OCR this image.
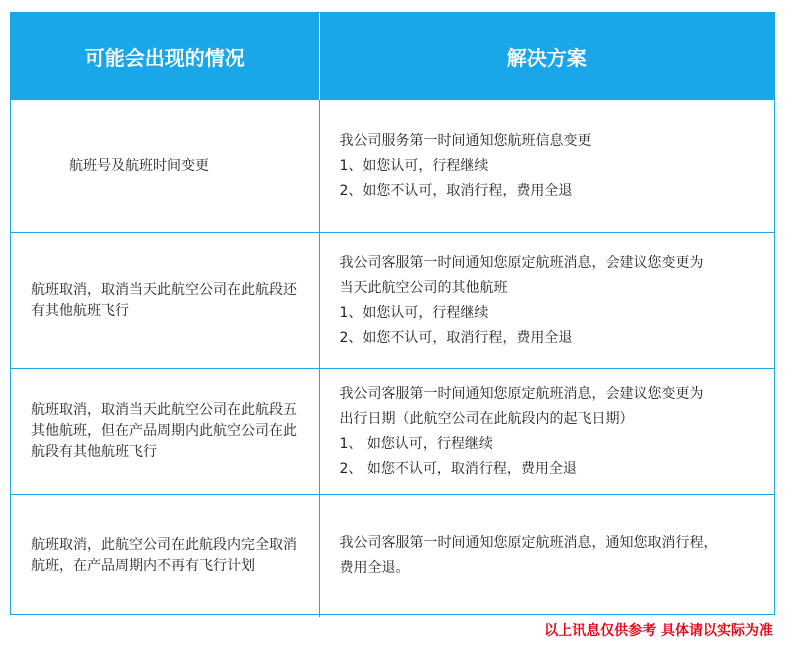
可能会出现的情况	解决方案
航班号及航班时间变更	我公司服务第一时间通知您航班信息变更
1、如您认可，行程继续
2、如您不认可，取消行程，费用全退

航班取消，取消当天此航空公司在此航段还有其他航班飞行	我公司客服第一时间通知您原定航班消息，会建议您变更为
当天此航空公司的其他航班
1、如您认可，行程继续
2、如您不认可，取消行程，费用全退

航班取消，取消当天此航空公司在此航段五其他航班，但在产品周期内此航空公司在此航段有其他航班飞行	我公司客服第一时间通知您原定航班消息，会建议您变更为
出行日期（此航空公司在此航段内的起飞日期）
1、 如您认可，行程继续
2、 如您不认可，取消行程，费用全退

航班取消，此航空公司在此航段内完全取消航班，在产品周期内不再有飞行计划	我公司客服第一时间通知您原定航班消息，通知您取消行程，
费用全退。
以上讯息仅供参考 具体请以实际为准
